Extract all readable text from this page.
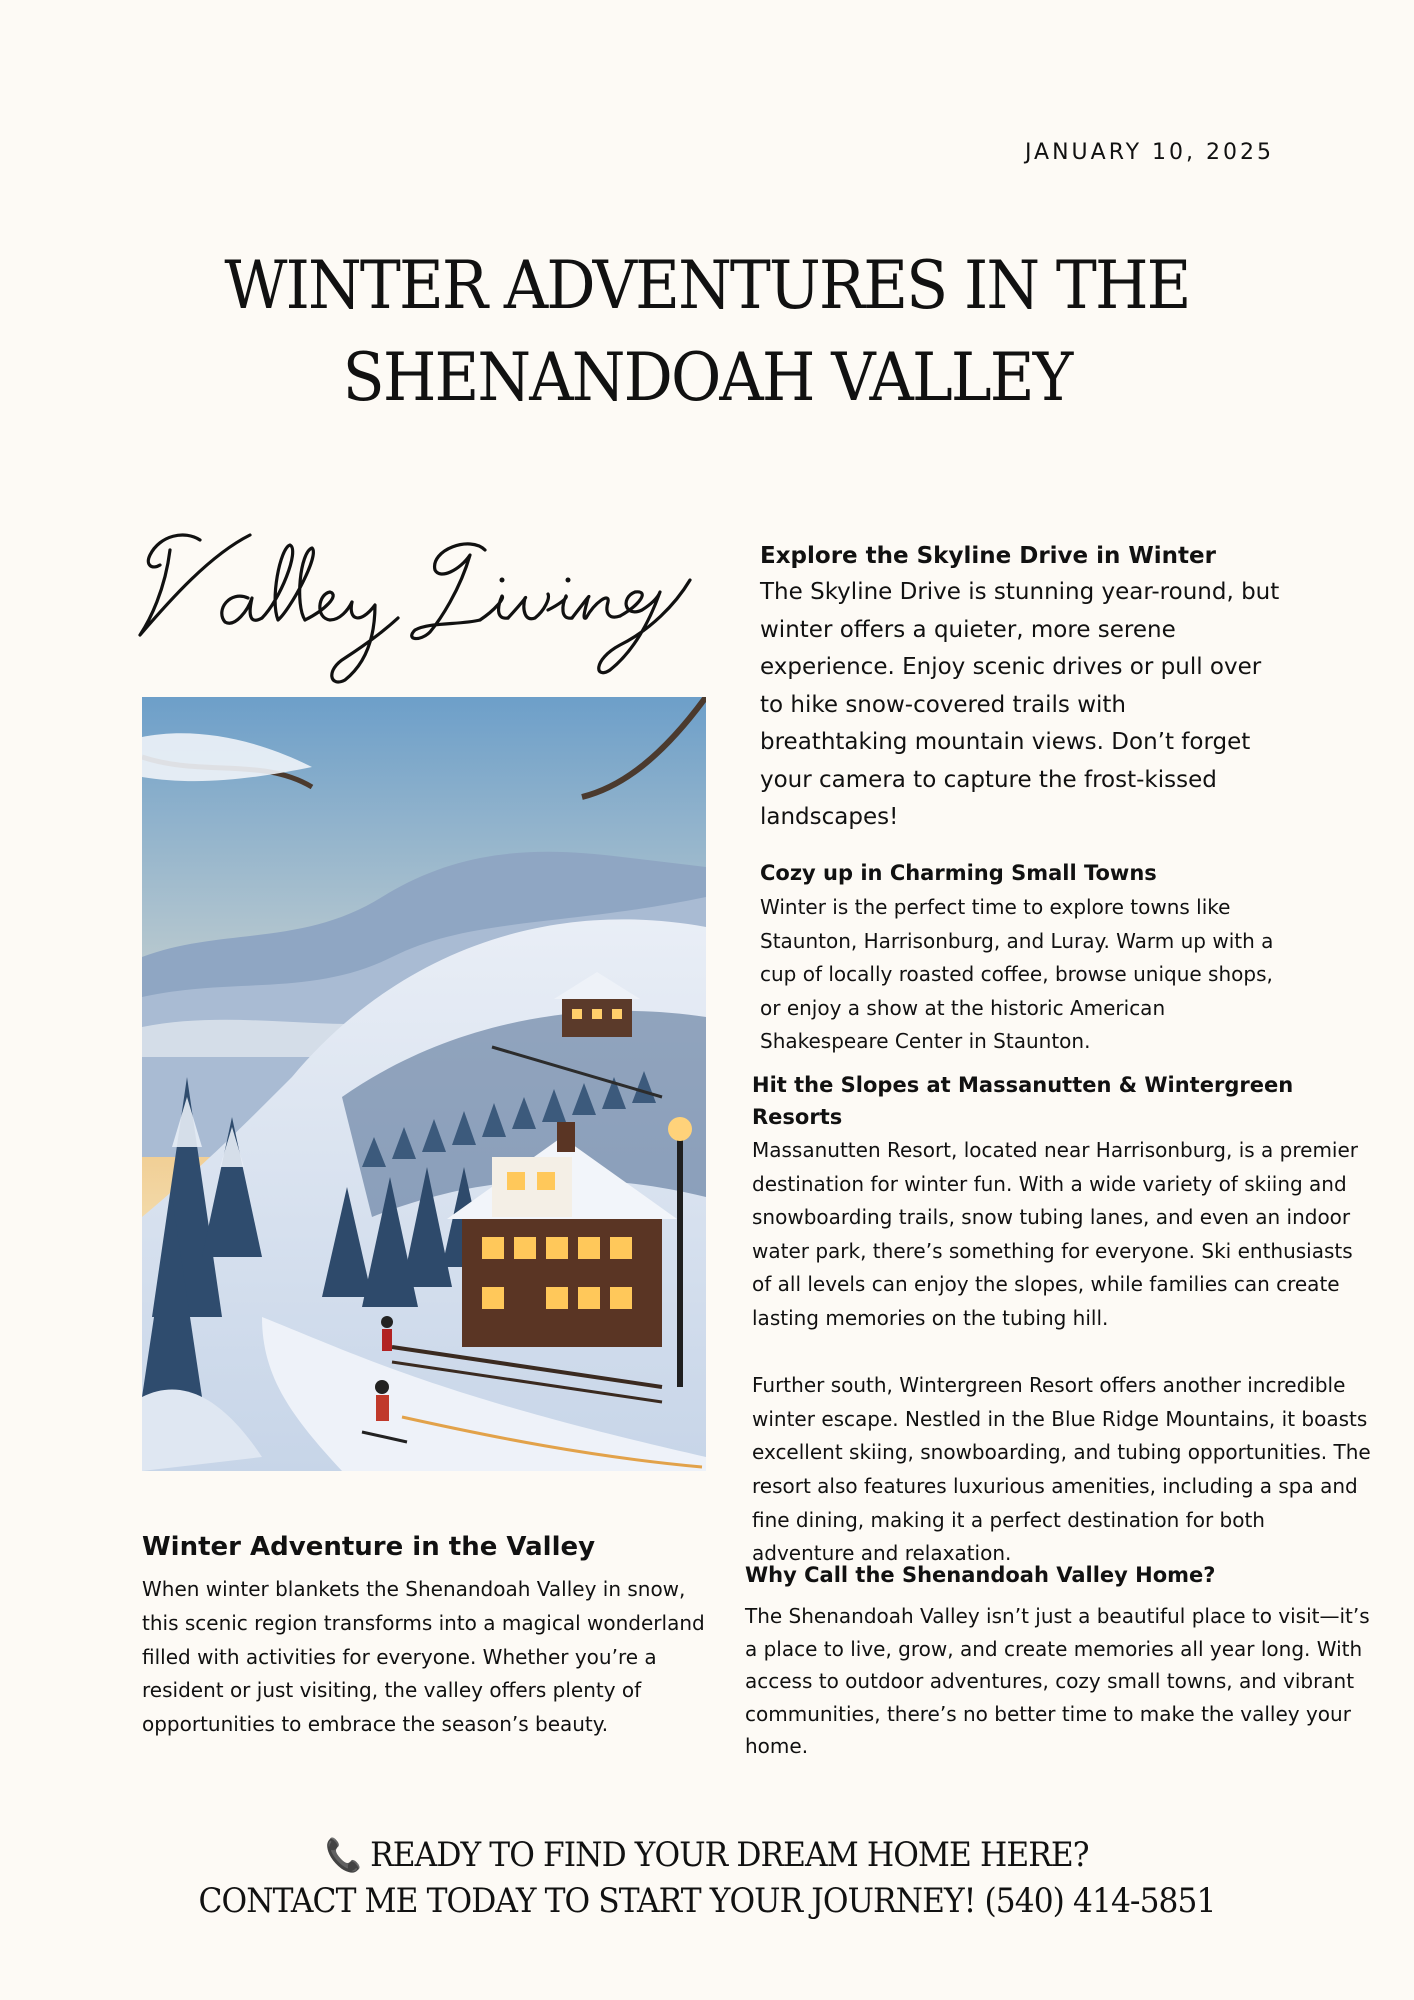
JANUARY 10, 2025
WINTER ADVENTURES IN THE
SHENANDOAH VALLEY
Winter Adventure in the Valley

When winter blankets the Shenandoah Valley in snow, this scenic region transforms into a magical wonderland filled with activities for everyone. Whether you’re a resident or just visiting, the valley offers plenty of opportunities to embrace the season’s beauty.

Explore the Skyline Drive in Winter

The Skyline Drive is stunning year-round, but winter offers a quieter, more serene experience. Enjoy scenic drives or pull over to hike snow-covered trails with breathtaking mountain views. Don’t forget your camera to capture the frost-kissed landscapes!

Cozy up in Charming Small Towns

Winter is the perfect time to explore towns like Staunton, Harrisonburg, and Luray. Warm up with a cup of locally roasted coffee, browse unique shops, or enjoy a show at the historic American Shakespeare Center in Staunton.

Hit the Slopes at Massanutten & Wintergreen Resorts

Massanutten Resort, located near Harrisonburg, is a premier destination for winter fun. With a wide variety of skiing and snowboarding trails, snow tubing lanes, and even an indoor water park, there’s something for everyone. Ski enthusiasts of all levels can enjoy the slopes, while families can create lasting memories on the tubing hill.

Further south, Wintergreen Resort offers another incredible winter escape. Nestled in the Blue Ridge Mountains, it boasts excellent skiing, snowboarding, and tubing opportunities. The resort also features luxurious amenities, including a spa and fine dining, making it a perfect destination for both adventure and relaxation.

Why Call the Shenandoah Valley Home?

The Shenandoah Valley isn’t just a beautiful place to visit—it’s a place to live, grow, and create memories all year long. With access to outdoor adventures, cozy small towns, and vibrant communities, there’s no better time to make the valley your home.

📞 READY TO FIND YOUR DREAM HOME HERE?
CONTACT ME TODAY TO START YOUR JOURNEY! (540) 414-5851
